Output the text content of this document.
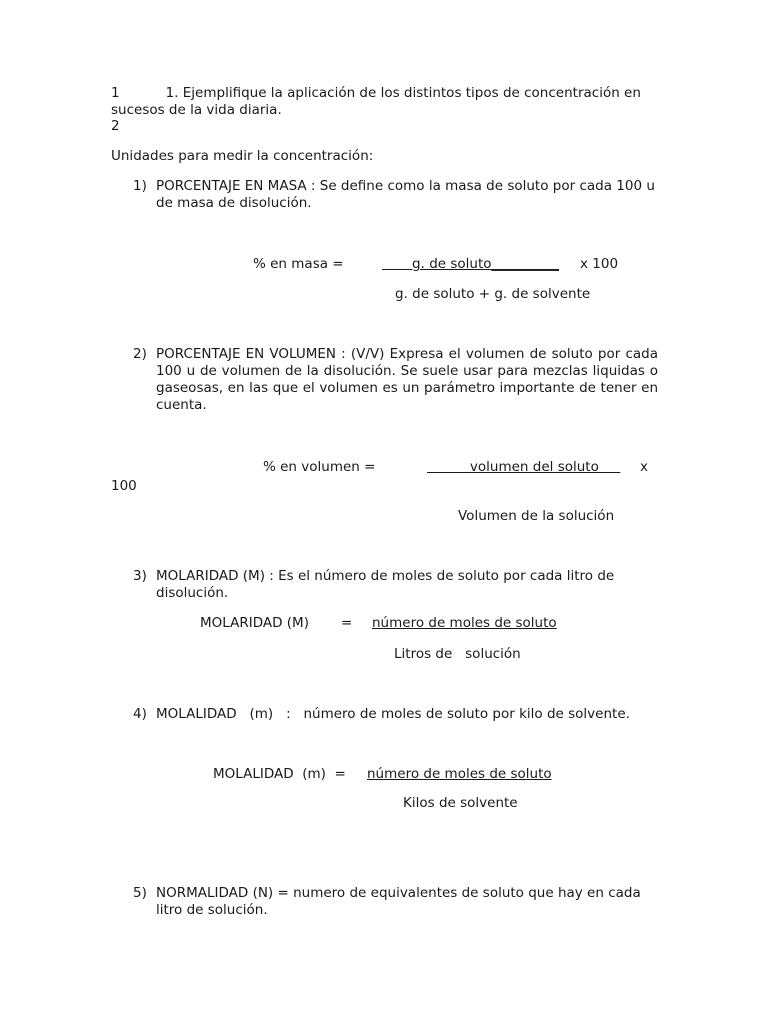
1	1. Ejemplifique la aplicación de los distintos tipos de concentración en sucesos de la vida diaria.
2
Unidades para medir la concentración:
1) PORCENTAJE EN MASA : Se define como la masa de soluto por cada 100 u de masa de disolución.
% en masa =	g. de soluto__________ x 100
g. de soluto + g. de solvente
2) PORCENTAJE EN VOLUMEN : (V/V) Expresa el volumen de soluto por cada 100 u de volumen de la disolución. Se suele usar para mezclas liquidas o gaseosas, en las que el volumen es un parámetro importante de tener en cuenta.
% en volumen =	volumen del soluto x
100
Volumen de la solución
3) MOLARIDAD (M) : Es el número de moles de soluto por cada litro de disolución.
MOLARIDAD (M) = número de moles de soluto
Litros de   solución
4) MOLALIDAD   (m)   :   número de moles de soluto por kilo de solvente.
MOLALIDAD  (m)  = número de moles de soluto
Kilos de solvente
5) NORMALIDAD (N) = numero de equivalentes de soluto que hay en cada litro de solución.
